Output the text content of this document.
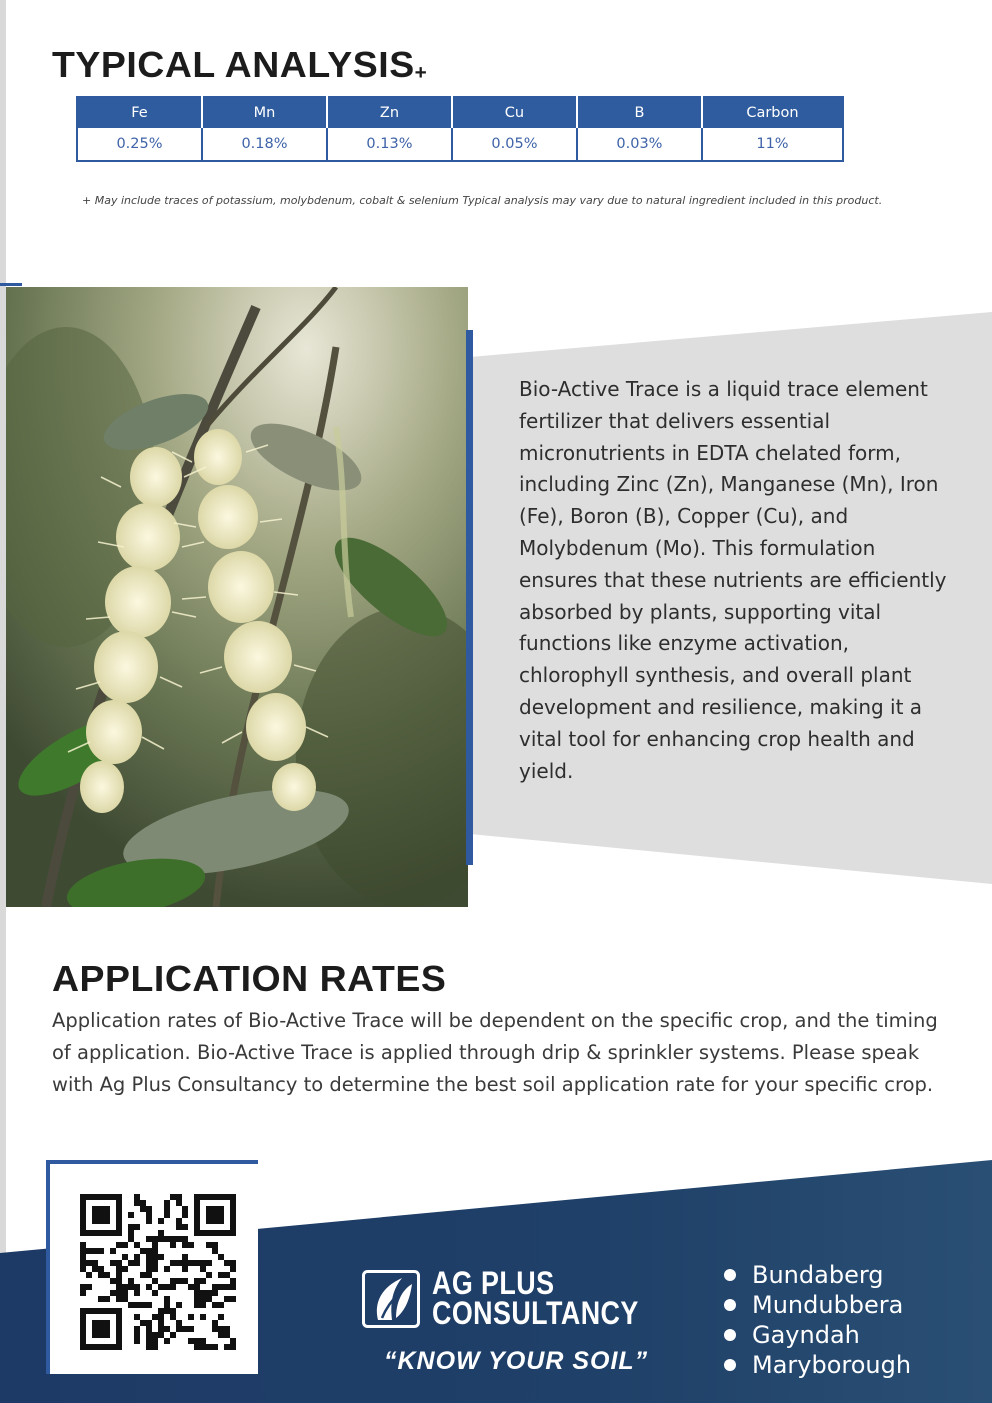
TYPICAL ANALYSIS+
Fe	Mn	Zn	Cu	B	Carbon
0.25%	0.18%	0.13%	0.05%	0.03%	11%

+ May include traces of potassium, molybdenum, cobalt & selenium Typical analysis may vary due to natural ingredient included in this product.

Bio-Active Trace is a liquid trace element fertilizer that delivers essential micronutrients in EDTA chelated form, including Zinc (Zn), Manganese (Mn), Iron (Fe), Boron (B), Copper (Cu), and Molybdenum (Mo). This formulation ensures that these nutrients are efficiently absorbed by plants, supporting vital functions like enzyme activation, chlorophyll synthesis, and overall plant development and resilience, making it a vital tool for enhancing crop health and yield.

APPLICATION RATES

Application rates of Bio-Active Trace will be dependent on the specific crop, and the timing of application. Bio-Active Trace is applied through drip & sprinkler systems. Please speak with Ag Plus Consultancy to determine the best soil application rate for your specific crop.

AG PLUS

CONSULTANCY

“KNOW YOUR SOIL”

Bundaberg
Mundubbera
Gayndah
Maryborough
